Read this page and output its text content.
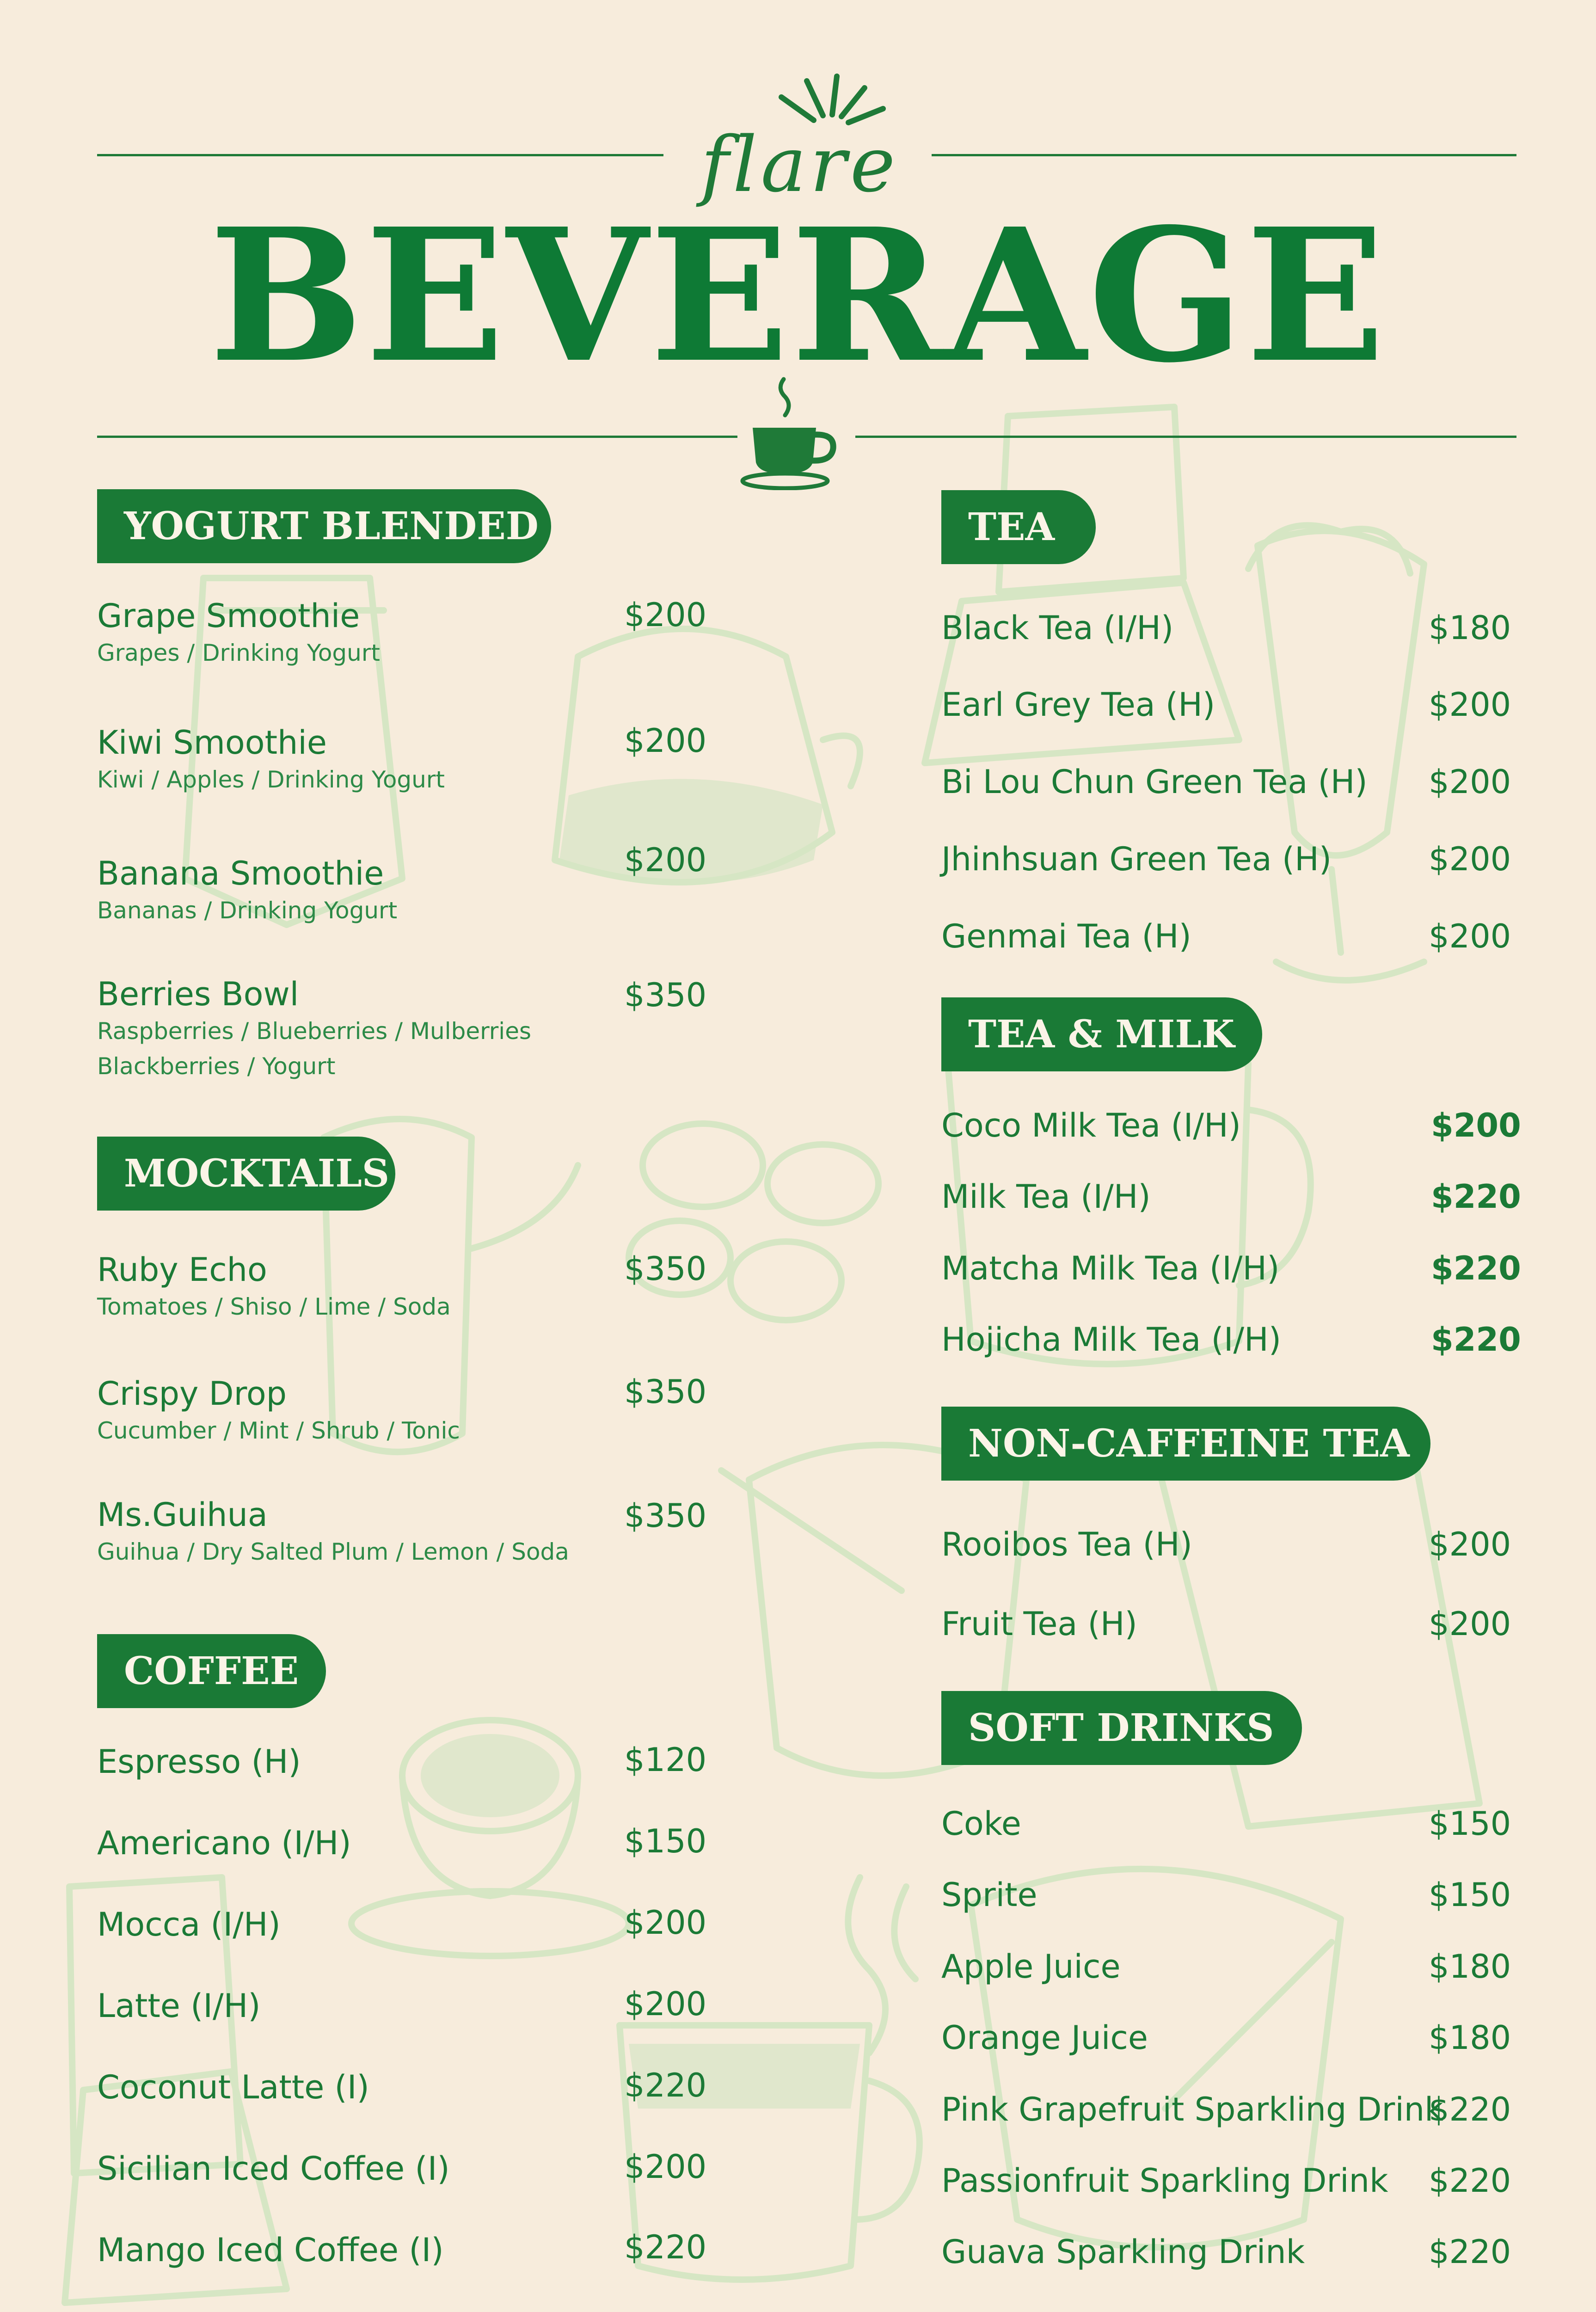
flare
BEVERAGE
YOGURT BLENDED
Grape Smoothie
Grapes / Drinking Yogurt
$200
Kiwi Smoothie
Kiwi / Apples / Drinking Yogurt
$200
Banana Smoothie
Bananas / Drinking Yogurt
$200
Berries Bowl
Raspberries / Blueberries / Mulberries
Blackberries / Yogurt
$350
MOCKTAILS
Ruby Echo
Tomatoes / Shiso / Lime / Soda
$350
Crispy Drop
Cucumber / Mint / Shrub / Tonic
$350
Ms.Guihua
Guihua / Dry Salted Plum / Lemon / Soda
$350
COFFEE
Espresso (H)	$120
Americano (I/H)	$150
Mocca (I/H)	$200
Latte (I/H)	$200
Coconut Latte (I)	$220
Sicilian Iced Coffee (I)	$200
Mango Iced Coffee (I)	$220
TEA
Black Tea (I/H)	$180
Earl Grey Tea (H)	$200
Bi Lou Chun Green Tea (H) $200
Jhinhsuan Green Tea (H)	$200
Genmai Tea (H)	$200
TEA & MILK
Coco Milk Tea (I/H)	$200
Milk Tea (I/H)	$220
Matcha Milk Tea (I/H)	$220
Hojicha Milk Tea (I/H)	$220
NON-CAFFEINE TEA
Rooibos Tea (H)	$200
Fruit Tea (H)	$200
SOFT DRINKS
Coke	$150
Sprite	$150
Apple Juice	$180
Orange Juice	$180
Pink Grapefruit Sparkling Drink
$220
Passionfruit Sparkling Drink $220
Guava Sparkling Drink	$220
